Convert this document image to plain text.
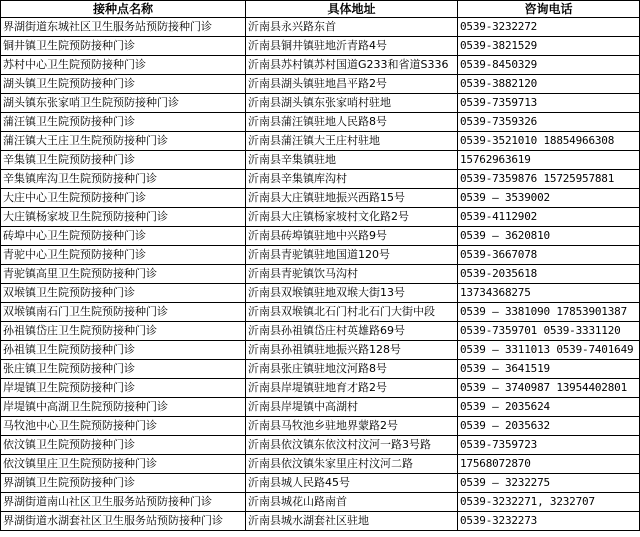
接种点名称	具体地址	咨询电话
界湖街道东城社区卫生服务站预防接种门诊	沂南县永兴路东首	0539-3232272
铜井镇卫生院预防接种门诊	沂南县铜井镇驻地沂青路4号	0539-3821529
苏村中心卫生院预防接种门诊	沂南县苏村镇苏村国道G233和省道S336	0539-8450329
湖头镇卫生院预防接种门诊	沂南县湖头镇驻地昌平路2号	0539-3882120
湖头镇东张家哨卫生院预防接种门诊	沂南县湖头镇东张家哨村驻地	0539-7359713
蒲汪镇卫生院预防接种门诊	沂南县蒲汪镇驻地人民路8号	0539-7359326
蒲汪镇大王庄卫生院预防接种门诊	沂南县蒲汪镇大王庄村驻地	0539-3521010 18854966308
辛集镇卫生院预防接种门诊	沂南县辛集镇驻地	15762963619
辛集镇库沟卫生院预防接种门诊	沂南县辛集镇库沟村	0539-7359876 15725957881
大庄中心卫生院预防接种门诊	沂南县大庄镇驻地振兴西路15号	0539 — 3539002
大庄镇杨家坡卫生院预防接种门诊	沂南县大庄镇杨家坡村文化路2号	0539-4112902
砖埠中心卫生院预防接种门诊	沂南县砖埠镇驻地中兴路9号	0539 — 3620810
青驼中心卫生院预防接种门诊	沂南县青驼镇驻地国道120号	0539-3667078
青驼镇高里卫生院预防接种门诊	沂南县青驼镇饮马沟村	0539-2035618
双堠镇卫生院预防接种门诊	沂南县双堠镇驻地双堠大街13号	13734368275
双堠镇南石门卫生院预防接种门诊	沂南县双堠镇北石门村北石门大街中段	0539 — 3381090 17853901387
孙祖镇岱庄卫生院预防接种门诊	沂南县孙祖镇岱庄村英雄路69号	0539-7359701 0539-3331120
孙祖镇卫生院预防接种门诊	沂南县孙祖镇驻地振兴路128号	0539 — 3311013 0539-7401649
张庄镇卫生院预防接种门诊	沂南县张庄镇驻地汶河路8号	0539 — 3641519
岸堤镇卫生院预防接种门诊	沂南县岸堤镇驻地育才路2号	0539 — 3740987 13954402801
岸堤镇中高湖卫生院预防接种门诊	沂南县岸堤镇中高湖村	0539 — 2035624
马牧池中心卫生院预防接种门诊	沂南县马牧池乡驻地界蒙路2号	0539 — 2035632
依汶镇卫生院预防接种门诊	沂南县依汶镇东依汶村汶河一路3号路	0539-7359723
依汶镇里庄卫生院预防接种门诊	沂南县依汶镇朱家里庄村汶河二路	17568072870
界湖镇卫生院预防接种门诊	沂南县城人民路45号	0539 — 3232275
界湖街道南山社区卫生服务站预防接种门诊	沂南县城花山路南首	0539-3232271, 3232707
界湖街道水湖套社区卫生服务站预防接种门诊	沂南县城水湖套社区驻地	0539-3232273
